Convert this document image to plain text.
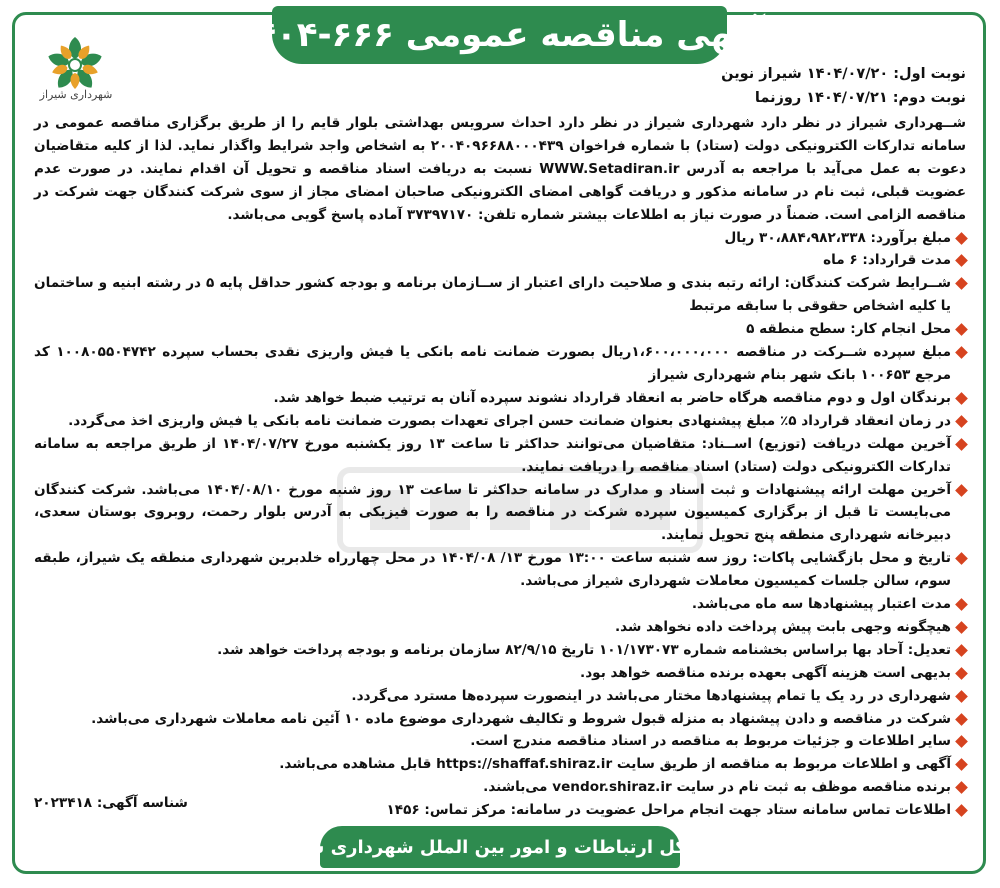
آگهی مناقصه عمومی ۶۶۶-۱۴۰۴
شهرداری شیراز
نوبت اول: ۱۴۰۴/۰۷/۲۰ شیراز نوین
نوبت دوم: ۱۴۰۴/۰۷/۲۱ روزنما

شــهرداری شیراز در نظر دارد شهرداری شیراز در نظر دارد احداث سرویس بهداشتی بلوار قایم را از طریق برگزاری مناقصه عمومی در سامانه تدارکات الکترونیکی دولت (ستاد) با شماره فراخوان ۲۰۰۴۰۹۶۶۸۸۰۰۰۴۳۹ به اشخاص واجد شرایط واگذار نماید. لذا از کلیه متقاضیان دعوت به عمل می‌آید با مراجعه به آدرس WWW.Setadiran.ir نسبت به دریافت اسناد مناقصه و تحویل آن اقدام نمایند. در صورت عدم عضویت قبلی، ثبت نام در سامانه مذکور و دریافت گواهی امضای الکترونیکی صاحبان امضای مجاز از سوی شرکت کنندگان جهت شرکت در مناقصه الزامی است. ضمناً در صورت نیاز به اطلاعات بیشتر شماره تلفن: ۳۷۳۹۷۱۷۰ آماده پاسخ گویی می‌باشد.

مبلغ برآورد: ۳۰،۸۸۴،۹۸۲،۳۳۸ ریال
مدت قرارداد: ۶ ماه
شــرایط شرکت کنندگان: ارائه رتبه بندی و صلاحیت دارای اعتبار از ســازمان برنامه و بودجه کشور حداقل پایه ۵ در رشته ابنیه و ساختمان یا کلیه اشخاص حقوقی با سابقه مرتبط
محل انجام کار: سطح منطقه ۵
مبلغ سپرده شــرکت در مناقصه ۱،۶۰۰،۰۰۰،۰۰۰ریال بصورت ضمانت نامه بانکی یا فیش واریزی نقدی بحساب سپرده ۱۰۰۸۰۵۵۰۴۷۴۲ کد مرجع ۱۰۰۶۵۳ بانک شهر بنام شهرداری شیراز
برندگان اول و دوم مناقصه هرگاه حاضر به انعقاد قرارداد نشوند سپرده آنان به ترتیب ضبط خواهد شد.
در زمان انعقاد قرارداد ۵٪ مبلغ پیشنهادی بعنوان ضمانت حسن اجرای تعهدات بصورت ضمانت نامه بانکی یا فیش واریزی اخذ می‌گردد.
آخرین مهلت دریافت (توزیع) اســناد: متقاضیان می‌توانند حداکثر تا ساعت ۱۳ روز یکشنبه مورخ ۱۴۰۴/۰۷/۲۷ از طریق مراجعه به سامانه تدارکات الکترونیکی دولت (ستاد) اسناد مناقصه را دریافت نمایند.
آخرین مهلت ارائه پیشنهادات و ثبت اسناد و مدارک در سامانه حداکثر تا ساعت ۱۳ روز شنبه مورخ ۱۴۰۴/۰۸/۱۰ می‌باشد. شرکت کنندگان می‌بایست تا قبل از برگزاری کمیسیون سپرده شرکت در مناقصه را به صورت فیزیکی به آدرس بلوار رحمت، روبروی بوستان سعدی، دبیرخانه شهرداری منطقه پنج تحویل نمایند.
تاریخ و محل بازگشایی پاکات: روز سه شنبه ساعت ۱۳:۰۰ مورخ ۱۳/ ۱۴۰۴/۰۸ در محل چهارراه خلدبرین شهرداری منطقه یک شیراز، طبقه سوم، سالن جلسات کمیسیون معاملات شهرداری شیراز می‌باشد.
مدت اعتبار پیشنهادها سه ماه می‌باشد.
هیچگونه وجهی بابت پیش پرداخت داده نخواهد شد.
تعدیل: آحاد بها براساس بخشنامه شماره ۱۰۱/۱۷۳۰۷۳ تاریخ ۸۲/۹/۱۵ سازمان برنامه و بودجه پرداخت خواهد شد.
بدیهی است هزینه آگهی بعهده برنده مناقصه خواهد بود.
شهرداری در رد یک یا تمام پیشنهادها مختار می‌باشد در اینصورت سپرده‌ها مسترد می‌گردد.
شرکت در مناقصه و دادن پیشنهاد به منزله قبول شروط و تکالیف شهرداری موضوع ماده ۱۰ آئین نامه معاملات شهرداری می‌باشد.
سایر اطلاعات و جزئیات مربوط به مناقصه در اسناد مناقصه مندرج است.
آگهی و اطلاعات مربوط به مناقصه از طریق سایت https://shaffaf.shiraz.ir قابل مشاهده می‌باشد.
برنده مناقصه موظف به ثبت نام در سایت vendor.shiraz.ir می‌باشند.
اطلاعات تماس سامانه ستاد جهت انجام مراحل عضویت در سامانه: مرکز تماس: ۱۴۵۶
شناسه آگهی: ۲۰۲۳۴۱۸
اداره‌کل ارتباطات و امور بین الملل شهرداری شیراز
